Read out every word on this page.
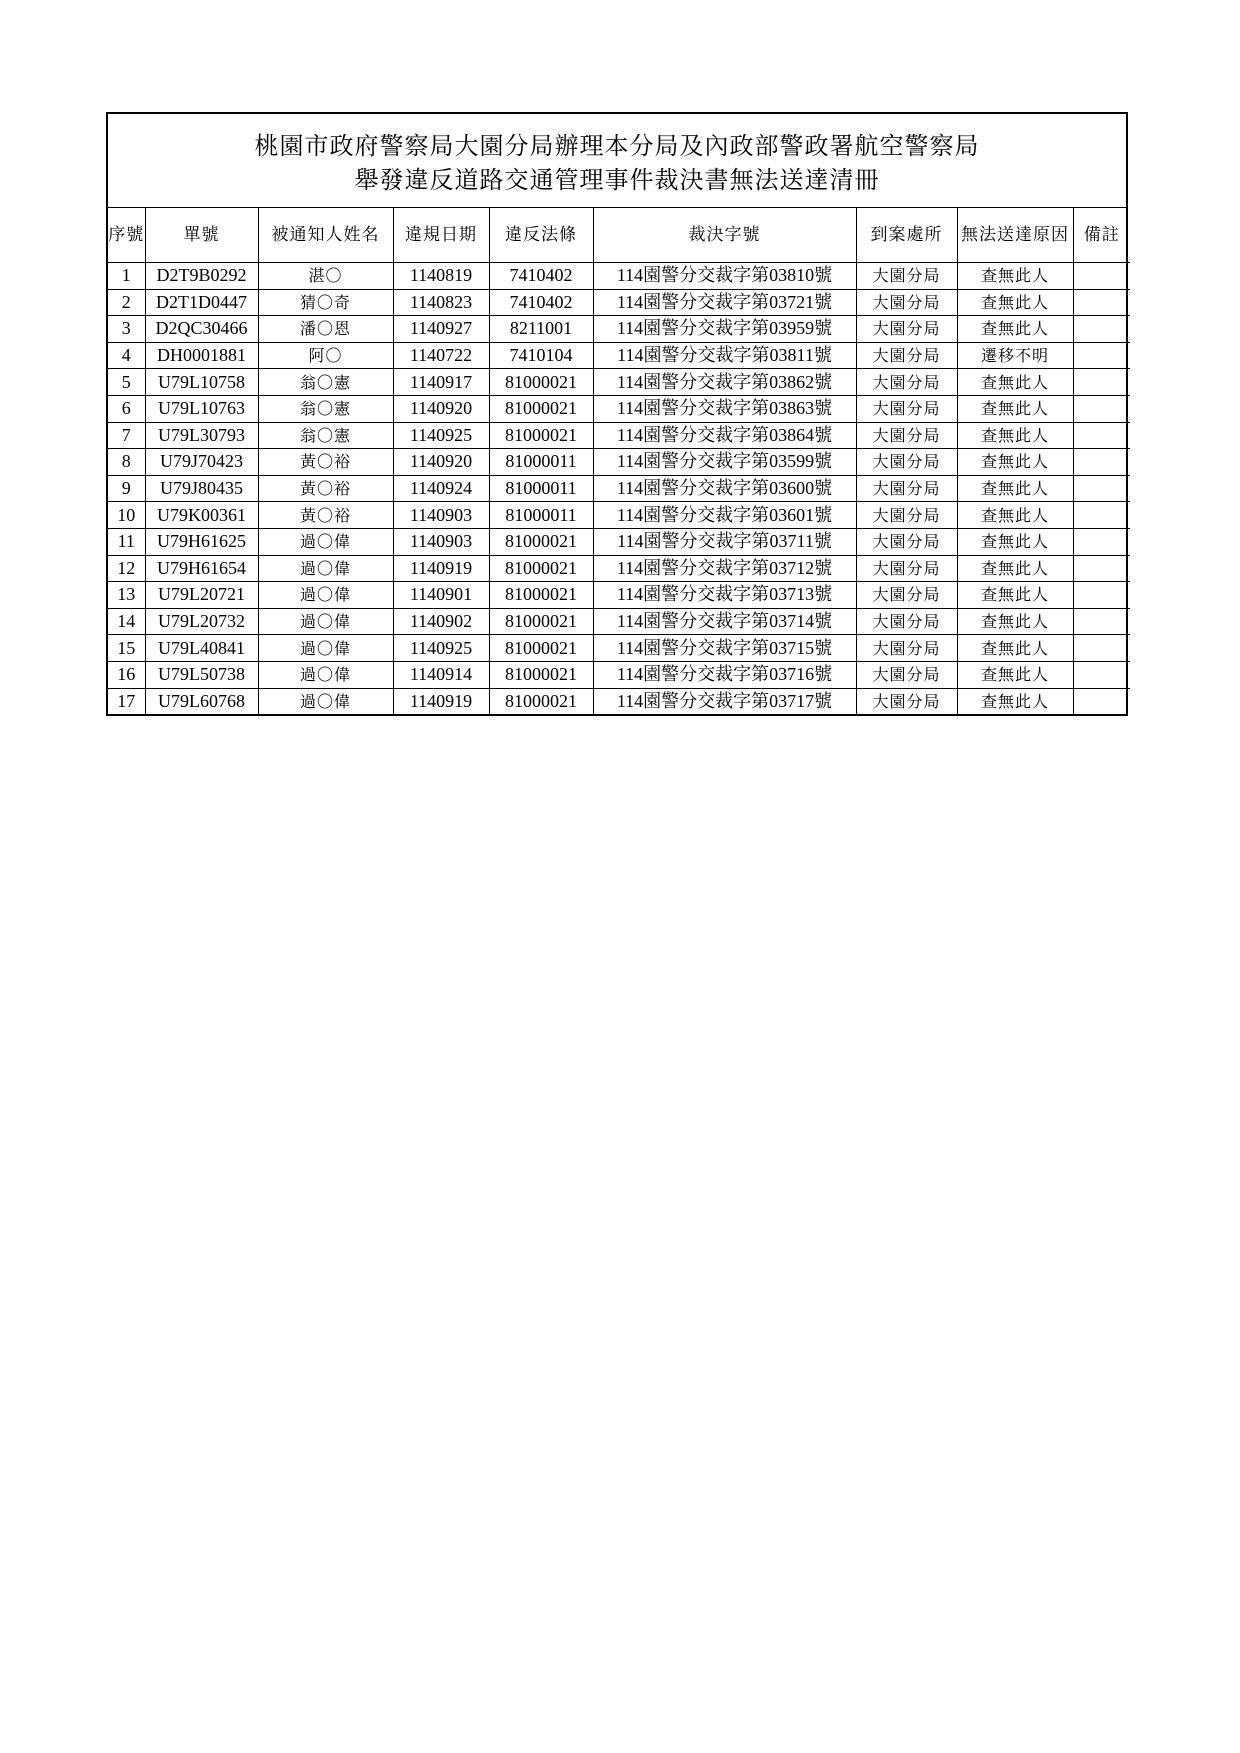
桃園市政府警察局大園分局辦理本分局及內政部警政署航空警察局
舉發違反道路交通管理事件裁決書無法送達清冊
序號	單號	被通知人姓名	違規日期	違反法條	裁決字號	到案處所	無法送達原因	備註
1	D2T9B0292	湛〇	1140819	7410402	114園警分交裁字第03810號	大園分局	查無此人	
2	D2T1D0447	猜〇奇	1140823	7410402	114園警分交裁字第03721號	大園分局	查無此人	
3	D2QC30466	潘〇恩	1140927	8211001	114園警分交裁字第03959號	大園分局	查無此人	
4	DH0001881	阿〇	1140722	7410104	114園警分交裁字第03811號	大園分局	遷移不明	
5	U79L10758	翁〇憲	1140917	81000021	114園警分交裁字第03862號	大園分局	查無此人	
6	U79L10763	翁〇憲	1140920	81000021	114園警分交裁字第03863號	大園分局	查無此人	
7	U79L30793	翁〇憲	1140925	81000021	114園警分交裁字第03864號	大園分局	查無此人	
8	U79J70423	黃〇裕	1140920	81000011	114園警分交裁字第03599號	大園分局	查無此人	
9	U79J80435	黃〇裕	1140924	81000011	114園警分交裁字第03600號	大園分局	查無此人	
10	U79K00361	黃〇裕	1140903	81000011	114園警分交裁字第03601號	大園分局	查無此人	
11	U79H61625	過〇偉	1140903	81000021	114園警分交裁字第03711號	大園分局	查無此人	
12	U79H61654	過〇偉	1140919	81000021	114園警分交裁字第03712號	大園分局	查無此人	
13	U79L20721	過〇偉	1140901	81000021	114園警分交裁字第03713號	大園分局	查無此人	
14	U79L20732	過〇偉	1140902	81000021	114園警分交裁字第03714號	大園分局	查無此人	
15	U79L40841	過〇偉	1140925	81000021	114園警分交裁字第03715號	大園分局	查無此人	
16	U79L50738	過〇偉	1140914	81000021	114園警分交裁字第03716號	大園分局	查無此人	
17	U79L60768	過〇偉	1140919	81000021	114園警分交裁字第03717號	大園分局	查無此人	
